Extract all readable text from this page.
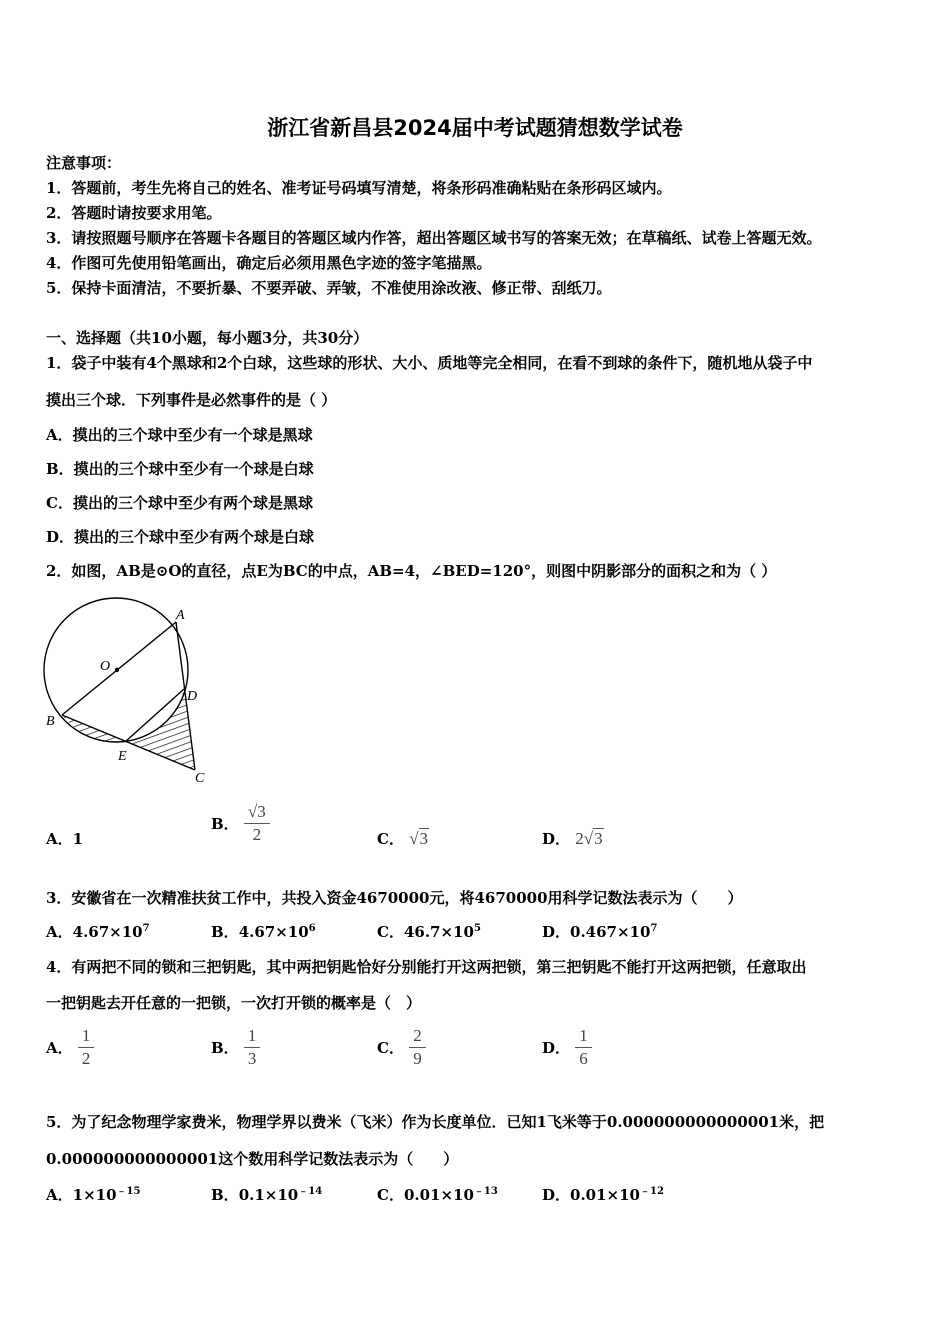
浙江省新昌县2024届中考试题猜想数学试卷
注意事项：
1．答题前，考生先将自己的姓名、准考证号码填写清楚，将条形码准确粘贴在条形码区域内。
2．答题时请按要求用笔。
3．请按照题号顺序在答题卡各题目的答题区域内作答，超出答题区域书写的答案无效；在草稿纸、试卷上答题无效。
4．作图可先使用铅笔画出，确定后必须用黑色字迹的签字笔描黑。
5．保持卡面清洁，不要折暴、不要弄破、弄皱，不准使用涂改液、修正带、刮纸刀。
一、选择题（共10小题，每小题3分，共30分）
1．袋子中装有4个黑球和2个白球，这些球的形状、大小、质地等完全相同，在看不到球的条件下，随机地从袋子中
摸出三个球．下列事件是必然事件的是（ ）
A．摸出的三个球中至少有一个球是黑球
B．摸出的三个球中至少有一个球是白球
C．摸出的三个球中至少有两个球是黑球
D．摸出的三个球中至少有两个球是白球
2．如图，AB是⊙O的直径，点E为BC的中点，AB=4，∠BED=120°，则图中阴影部分的面积之和为（ ）
A
O
D
B
E
C
A．1
B． $\frac{√3}{2}$	C． √3	D． 2√3
3．安徽省在一次精准扶贫工作中，共投入资金4670000元，将4670000用科学记数法表示为（　　）
A．$4.67\times 10^7$	B．$4.67\times 10^6$	C．$46.7\times 10^5$	D．$0.467\times 10^7$
4．有两把不同的锁和三把钥匙，其中两把钥匙恰好分别能打开这两把锁，第三把钥匙不能打开这两把锁，任意取出
一把钥匙去开任意的一把锁，一次打开锁的概率是（　）
A． $\frac{1}{2}$	B． $\frac{1}{3}$	C． $\frac{2}{9}$	D． $\frac{1}{6}$
5．为了纪念物理学家费米，物理学界以费米（飞米）作为长度单位．已知1飞米等于0.000000000000001米，把
0.000000000000001这个数用科学记数法表示为（　　）
A．$1\times 10^{﹣15}$	B．$0.1\times 10^{﹣14}$	C．$0.01\times 10^{﹣13}$	D．$0.01\times 10^{﹣12}$
